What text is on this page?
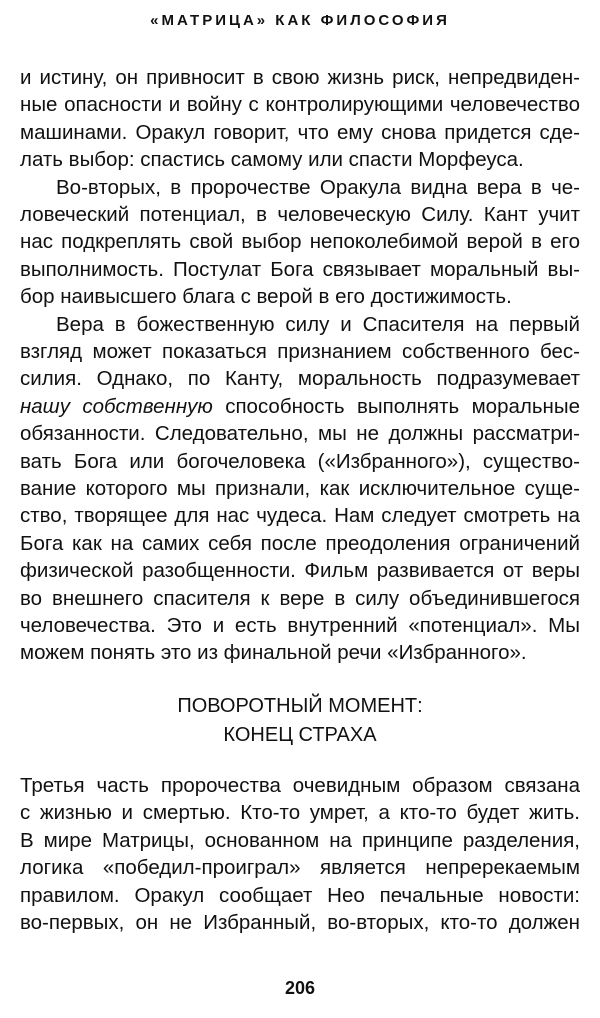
«МАТРИЦА» КАК ФИЛОСОФИЯ
и истину, он привносит в свою жизнь риск, непредвиден-
ные опасности и войну с контролирующими человечество
машинами. Оракул говорит, что ему снова придется сде-
лать выбор: спастись самому или спасти Морфеуса.
Во-вторых, в пророчестве Оракула видна вера в че-
ловеческий потенциал, в человеческую Силу. Кант учит
нас подкреплять свой выбор непоколебимой верой в его
выполнимость. Постулат Бога связывает моральный вы-
бор наивысшего блага с верой в его достижимость.
Вера в божественную силу и Спасителя на первый
взгляд может показаться признанием собственного бес-
силия. Однако, по Канту, моральность подразумевает
нашу собственную способность выполнять моральные
обязанности. Следовательно, мы не должны рассматри-
вать Бога или богочеловека («Избранного»), существо-
вание которого мы признали, как исключительное суще-
ство, творящее для нас чудеса. Нам следует смотреть на
Бога как на самих себя после преодоления ограничений
физической разобщенности. Фильм развивается от веры
во внешнего спасителя к вере в силу объединившегося
человечества. Это и есть внутренний «потенциал». Мы
можем понять это из финальной речи «Избранного».
ПОВОРОТНЫЙ МОМЕНТ:
КОНЕЦ СТРАХА
Третья часть пророчества очевидным образом связана
с жизнью и смертью. Кто-то умрет, а кто-то будет жить.
В мире Матрицы, основанном на принципе разделения,
логика «победил-проиграл» является непререкаемым
правилом. Оракул сообщает Нео печальные новости:
во-первых, он не Избранный, во-вторых, кто-то должен
206
